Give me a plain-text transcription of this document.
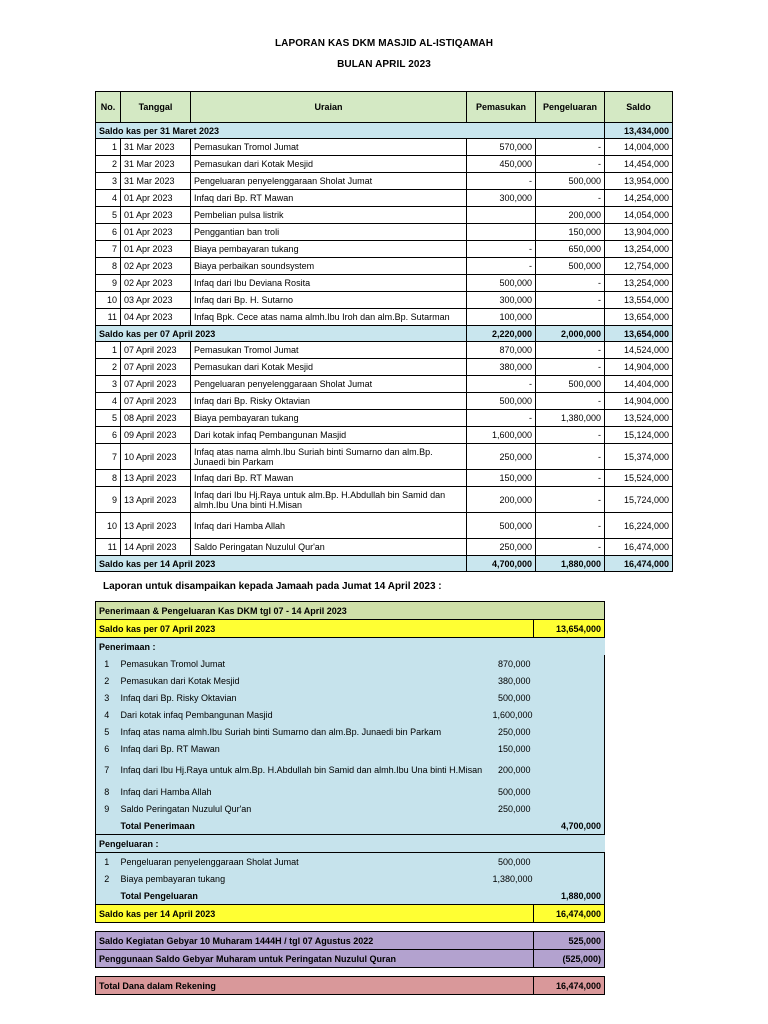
LAPORAN KAS DKM MASJID AL-ISTIQAMAH
BULAN APRIL 2023
No.	Tanggal	Uraian	Pemasukan	Pengeluaran	Saldo
Saldo kas per 31 Maret 2023					13,434,000
1	31 Mar 2023	Pemasukan Tromol Jumat	570,000	-	14,004,000
2	31 Mar 2023	Pemasukan dari Kotak Mesjid	450,000	-	14,454,000
3	31 Mar 2023	Pengeluaran penyelenggaraan Sholat Jumat	-	500,000	13,954,000
4	01 Apr 2023	Infaq dari Bp. RT Mawan	300,000	-	14,254,000
5	01 Apr 2023	Pembelian pulsa listrik		200,000	14,054,000
6	01 Apr 2023	Penggantian ban troli		150,000	13,904,000
7	01 Apr 2023	Biaya pembayaran tukang	-	650,000	13,254,000
8	02 Apr 2023	Biaya perbaikan soundsystem	-	500,000	12,754,000
9	02 Apr 2023	Infaq dari Ibu Deviana Rosita	500,000	-	13,254,000
10	03 Apr 2023	Infaq dari Bp. H. Sutarno	300,000	-	13,554,000
11	04 Apr 2023	Infaq Bpk. Cece atas nama almh.Ibu Iroh dan alm.Bp. Sutarman	100,000		13,654,000
Saldo kas per 07 April 2023			2,220,000	2,000,000	13,654,000
1	07 April 2023	Pemasukan Tromol Jumat	870,000	-	14,524,000
2	07 April 2023	Pemasukan dari Kotak Mesjid	380,000	-	14,904,000
3	07 April 2023	Pengeluaran penyelenggaraan Sholat Jumat	-	500,000	14,404,000
4	07 April 2023	Infaq dari Bp. Risky Oktavian	500,000	-	14,904,000
5	08 April 2023	Biaya pembayaran tukang	-	1,380,000	13,524,000
6	09 April 2023	Dari kotak infaq Pembangunan Masjid	1,600,000	-	15,124,000
7	10 April 2023	Infaq atas nama almh.Ibu Suriah binti Sumarno dan alm.Bp. Junaedi bin Parkam	250,000	-	15,374,000
8	13 April 2023	Infaq dari Bp. RT Mawan	150,000	-	15,524,000
9	13 April 2023	Infaq dari Ibu Hj.Raya untuk alm.Bp. H.Abdullah bin Samid dan almh.Ibu Una binti H.Misan	200,000	-	15,724,000
10	13 April 2023	Infaq dari Hamba Allah	500,000	-	16,224,000
11	14 April 2023	Saldo Peringatan Nuzulul Qur'an	250,000	-	16,474,000
Saldo kas per 14 April 2023			4,700,000	1,880,000	16,474,000
Laporan untuk disampaikan kepada Jamaah pada Jumat 14 April 2023 :
Penerimaan & Pengeluaran Kas DKM tgl 07 - 14 April 2023			
Saldo kas per 07 April 2023			13,654,000
Penerimaan :			
1	Pemasukan Tromol Jumat	870,000	
2	Pemasukan dari Kotak Mesjid	380,000	
3	Infaq dari Bp. Risky Oktavian	500,000	
4	Dari kotak infaq Pembangunan Masjid	1,600,000	
5	Infaq atas nama almh.Ibu Suriah binti Sumarno dan alm.Bp. Junaedi bin Parkam	250,000	
6	Infaq dari Bp. RT Mawan	150,000	
7	Infaq dari Ibu Hj.Raya untuk alm.Bp. H.Abdullah bin Samid dan almh.Ibu Una binti H.Misan	200,000	
8	Infaq dari Hamba Allah	500,000	
9	Saldo Peringatan Nuzulul Qur'an	250,000	
	Total Penerimaan		4,700,000
Pengeluaran :			
1	Pengeluaran penyelenggaraan Sholat Jumat	500,000	
2	Biaya pembayaran tukang	1,380,000	
	Total Pengeluaran		1,880,000
Saldo kas per 14 April 2023			16,474,000

Saldo Kegiatan Gebyar 10 Muharam 1444H / tgl 07 Agustus 2022			525,000
Penggunaan Saldo Gebyar Muharam untuk Peringatan Nuzulul Quran			(525,000)

Total Dana dalam Rekening			16,474,000
